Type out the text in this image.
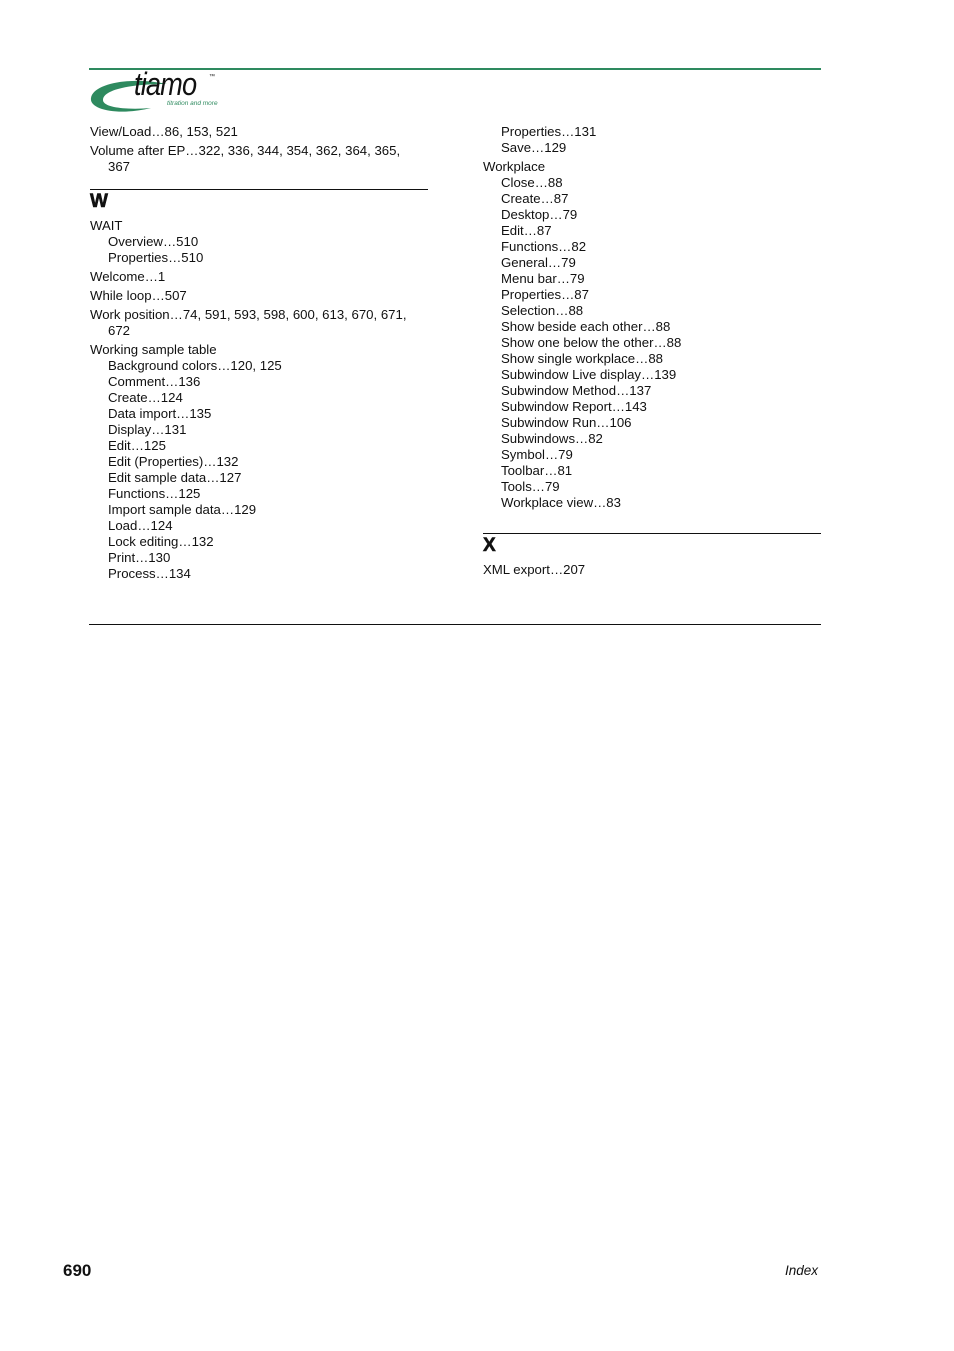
tiamo ™
titration and more
View/Load…86, 153, 521
Volume after EP…322, 336, 344, 354, 362, 364, 365,
367
W
WAIT
Overview…510
Properties…510
Welcome…1
While loop…507
Work position…74, 591, 593, 598, 600, 613, 670, 671,
672
Working sample table
Background colors…120, 125
Comment…136
Create…124
Data import…135
Display…131
Edit…125
Edit (Properties)…132
Edit sample data…127
Functions…125
Import sample data…129
Load…124
Lock editing…132
Print…130
Process…134
Properties…131
Save…129
Workplace
Close…88
Create…87
Desktop…79
Edit…87
Functions…82
General…79
Menu bar…79
Properties…87
Selection…88
Show beside each other…88
Show one below the other…88
Show single workplace…88
Subwindow Live display…139
Subwindow Method…137
Subwindow Report…143
Subwindow Run…106
Subwindows…82
Symbol…79
Toolbar…81
Tools…79
Workplace view…83
X
XML export…207
690	Index
